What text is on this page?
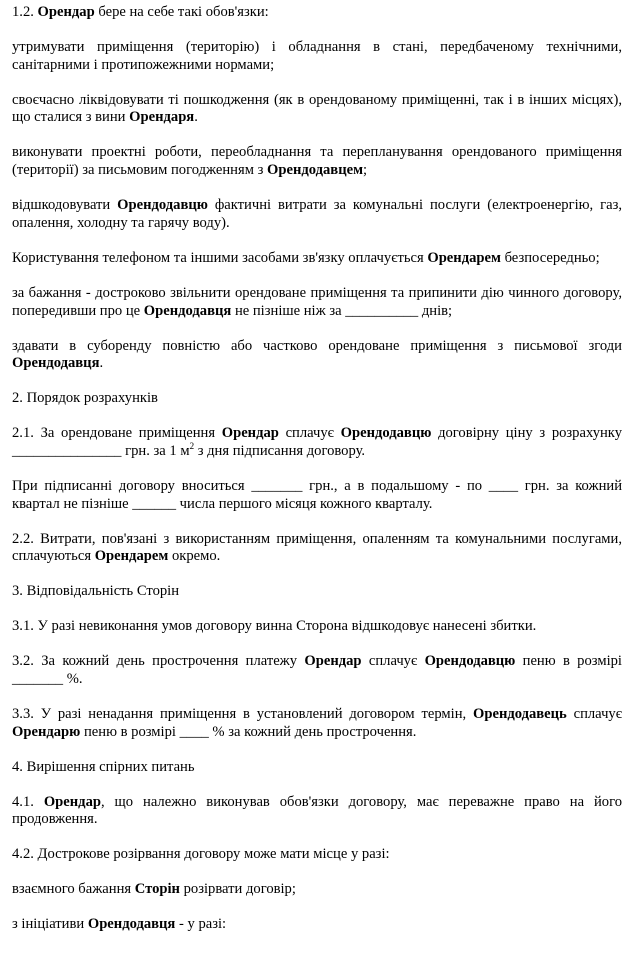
1.2. Орендар бере на себе такі обов'язки:

утримувати приміщення (територію) і обладнання в стані, передбаченому технічними, санітарними і протипожежними нормами;

своєчасно ліквідовувати ті пошкодження (як в орендованому приміщенні, так і в інших місцях), що сталися з вини Орендаря.

виконувати проектні роботи, переобладнання та перепланування орендованого приміщення (території) за письмовим погодженням з Орендодавцем;

відшкодовувати Орендодавцю фактичні витрати за комунальні послуги (електроенергію, газ, опалення, холодну та гарячу воду).

Користування телефоном та іншими засобами зв'язку оплачується Орендарем безпосередньо;

за бажання - достроково звільнити орендоване приміщення та припинити дію чинного договору, попередивши про це Орендодавця не пізніше ніж за __________ днів;

здавати в суборенду повністю або частково орендоване приміщення з письмової згоди Орендодавця.

2. Порядок розрахунків

2.1. За орендоване приміщення Орендар сплачує Орендодавцю договірну ціну з розрахунку _______________ грн. за 1 $м^2$ з дня підписання договору.

При підписанні договору вноситься _______ грн., а в подальшому - по ____ грн. за кожний квартал не пізніше ______ числа першого місяця кожного кварталу.

2.2. Витрати, пов'язані з використанням приміщення, опаленням та комунальними послугами, сплачуються Орендарем окремо.

3. Відповідальність Сторін

3.1. У разі невиконання умов договору винна Сторона відшкодовує нанесені збитки.

3.2. За кожний день прострочення платежу Орендар сплачує Орендодавцю пеню в розмірі _______ %.

3.3. У разі ненадання приміщення в установлений договором термін, Орендодавець сплачує Орендарю пеню в розмірі ____ % за кожний день прострочення.

4. Вирішення спірних питань

4.1. Орендар, що належно виконував обов'язки договору, має переважне право на його продовження.

4.2. Дострокове розірвання договору може мати місце у разі:

взаємного бажання Сторін розірвати договір;

з ініціативи Орендодавця - у разі:
